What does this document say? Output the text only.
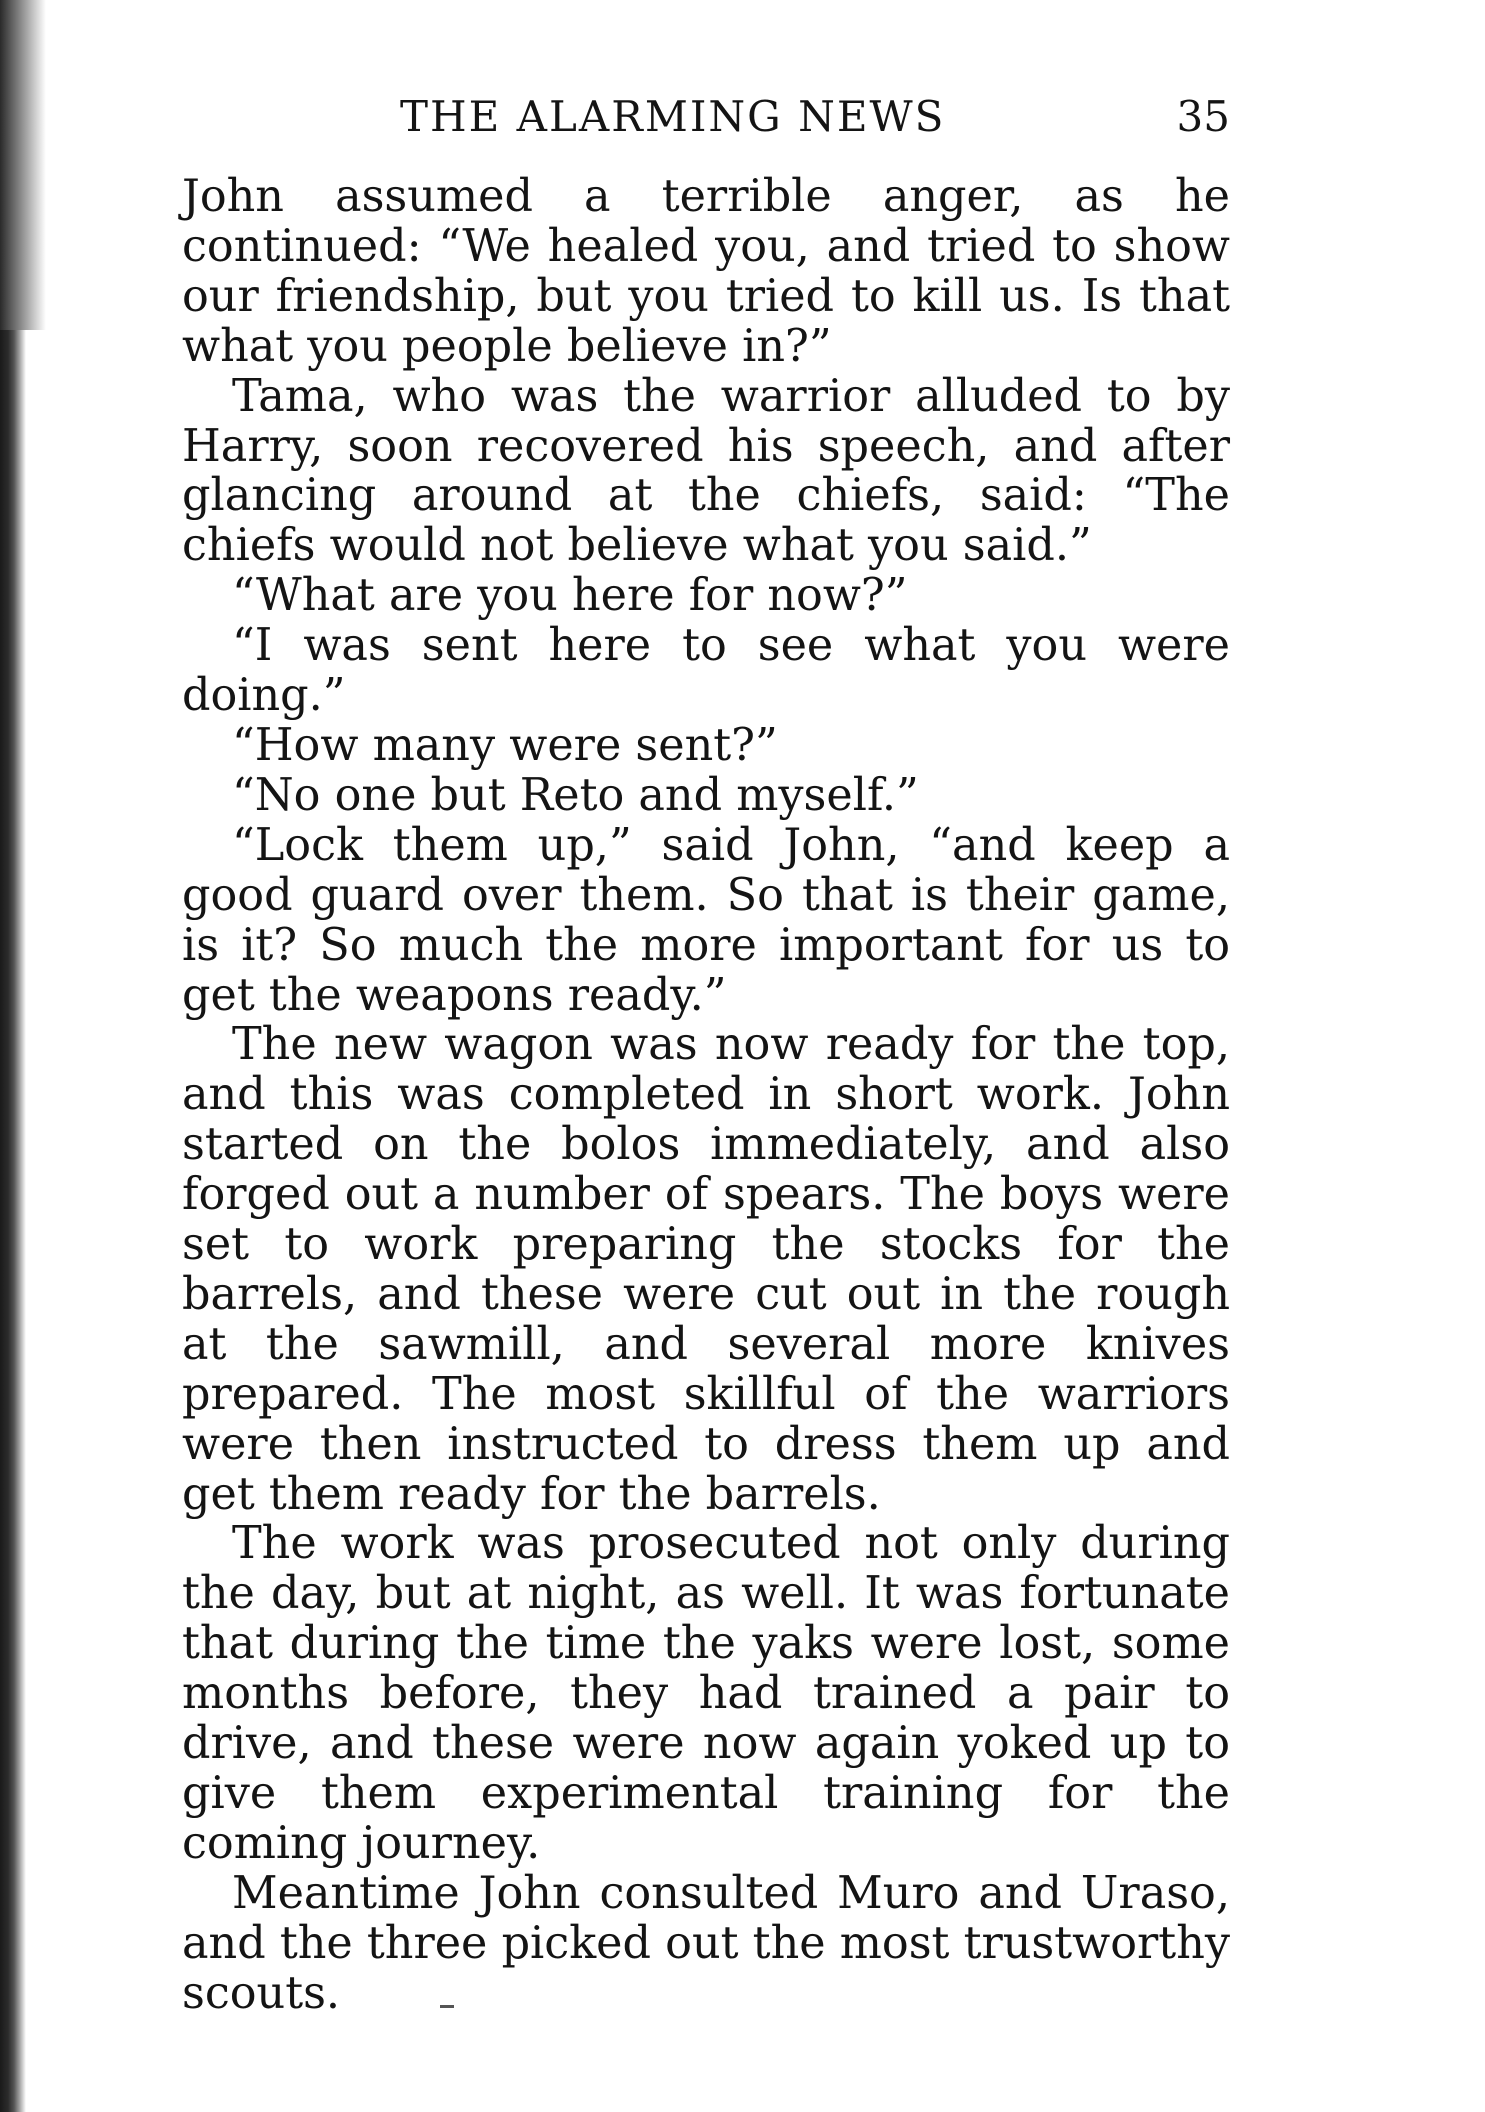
THE ALARMING NEWS	35

John assumed a terrible anger, as he continued: “We healed you, and tried to show our friendship, but you tried to kill us. Is that what you people believe in?”

Tama, who was the warrior alluded to by Harry, soon recovered his speech, and after glancing around at the chiefs, said: “The chiefs would not believe what you said.”

“What are you here for now?”

“I was sent here to see what you were doing.”

“How many were sent?”

“No one but Reto and myself.”

“Lock them up,” said John, “and keep a good guard over them. So that is their game, is it? So much the more important for us to get the weapons ready.”

The new wagon was now ready for the top, and this was completed in short work. John started on the bolos immediately, and also forged out a number of spears. The boys were set to work preparing the stocks for the barrels, and these were cut out in the rough at the sawmill, and several more knives prepared. The most skillful of the warriors were then instructed to dress them up and get them ready for the barrels.

The work was prosecuted not only during the day, but at night, as well. It was fortunate that during the time the yaks were lost, some months before, they had trained a pair to drive, and these were now again yoked up to give them experimental training for the coming journey.

Meantime John consulted Muro and Uraso, and the three picked out the most trustworthy scouts.
